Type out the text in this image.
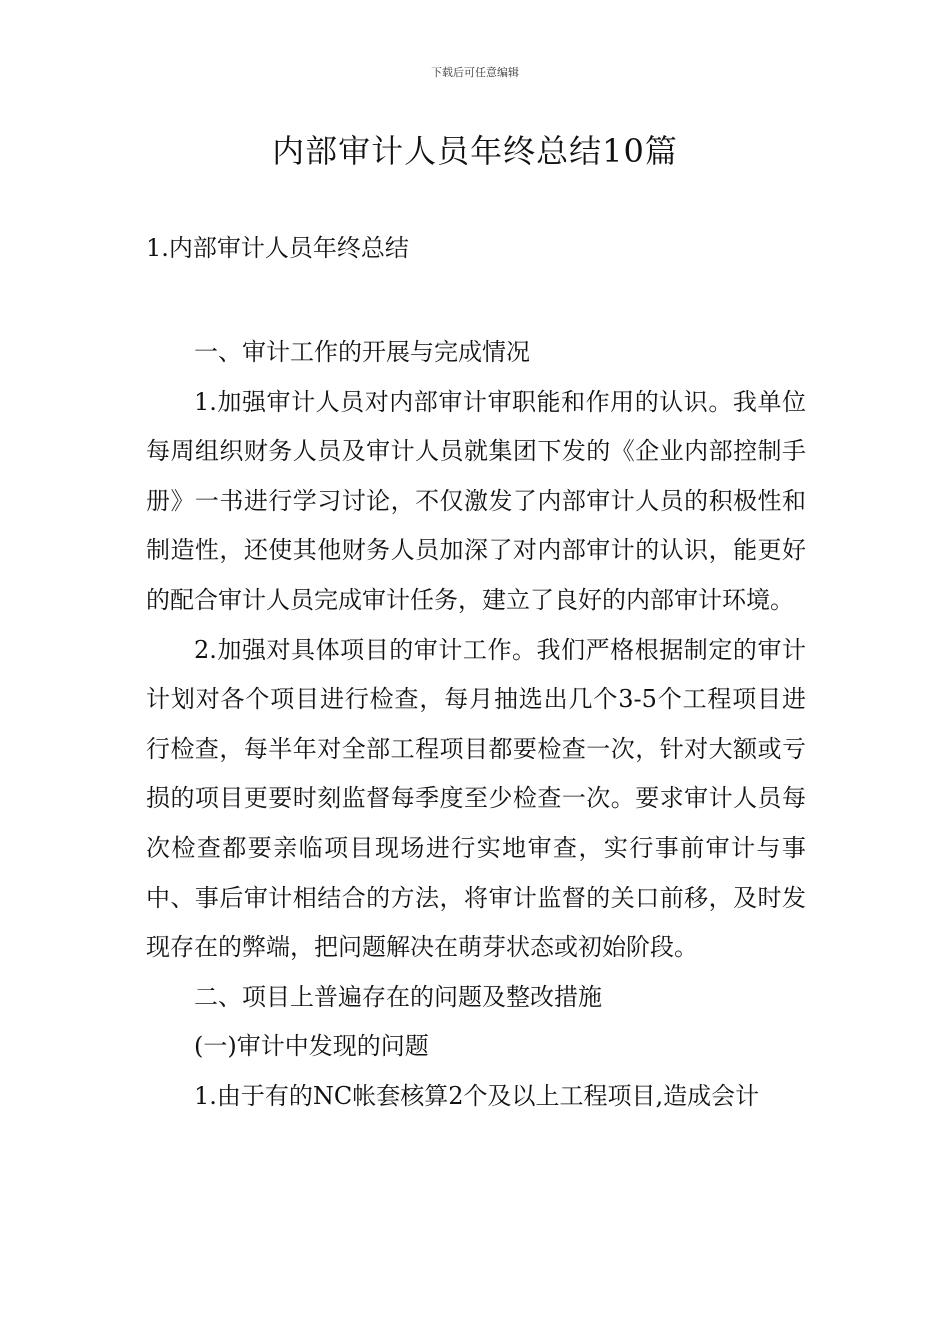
下载后可任意编辑
内部审计人员年终总结10篇
1.内部审计人员年终总结

一、审计工作的开展与完成情况

1.加强审计人员对内部审计审职能和作用的认识。我单位每周组织财务人员及审计人员就集团下发的《企业内部控制手册》一书进行学习讨论，不仅激发了内部审计人员的积极性和制造性，还使其他财务人员加深了对内部审计的认识，能更好的配合审计人员完成审计任务，建立了良好的内部审计环境。

2.加强对具体项目的审计工作。我们严格根据制定的审计计划对各个项目进行检查，每月抽选出几个3-5个工程项目进行检查，每半年对全部工程项目都要检查一次，针对大额或亏损的项目更要时刻监督每季度至少检查一次。要求审计人员每次检查都要亲临项目现场进行实地审查，实行事前审计与事中、事后审计相结合的方法，将审计监督的关口前移，及时发现存在的弊端，把问题解决在萌芽状态或初始阶段。

二、项目上普遍存在的问题及整改措施

(一)审计中发现的问题

1.由于有的NC帐套核算2个及以上工程项目,造成会计
